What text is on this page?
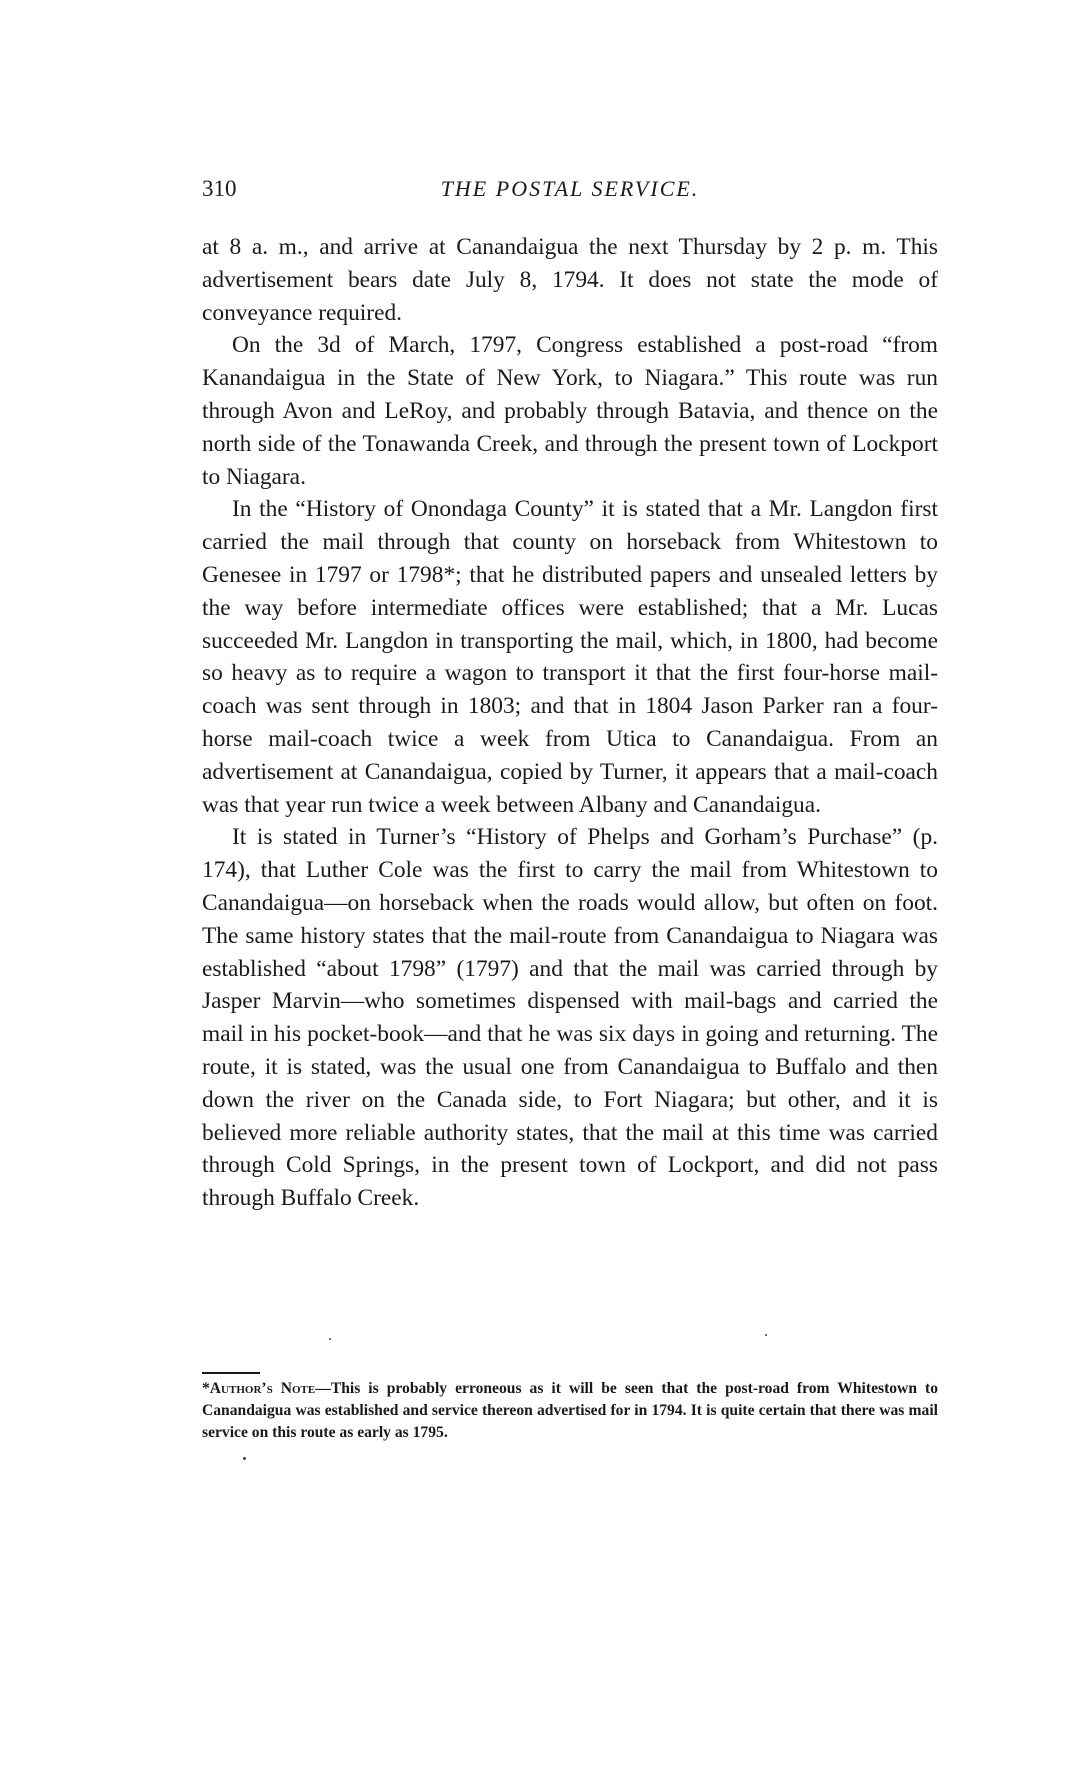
310	THE POSTAL SERVICE.

at 8 a. m., and arrive at Canandaigua the next Thursday by 2 p. m. This advertisement bears date July 8, 1794. It does not state the mode of conveyance required.

On the 3d of March, 1797, Congress established a post-road “from Kanandaigua in the State of New York, to Niagara.” This route was run through Avon and LeRoy, and probably through Batavia, and thence on the north side of the Tonawanda Creek, and through the present town of Lockport to Niagara.

In the “History of Onondaga County” it is stated that a Mr. Langdon first carried the mail through that county on horseback from Whitestown to Genesee in 1797 or 1798*; that he distributed papers and unsealed letters by the way before intermediate offices were established; that a Mr. Lucas succeeded Mr. Langdon in transporting the mail, which, in 1800, had become so heavy as to require a wagon to transport it that the first four-horse mail-coach was sent through in 1803; and that in 1804 Jason Parker ran a four-horse mail-coach twice a week from Utica to Canandaigua. From an advertisement at Canandaigua, copied by Turner, it appears that a mail-coach was that year run twice a week between Albany and Canandaigua.

It is stated in Turner’s “History of Phelps and Gorham’s Purchase” (p. 174), that Luther Cole was the first to carry the mail from Whitestown to Canandaigua—on horseback when the roads would allow, but often on foot. The same history states that the mail-route from Canandaigua to Niagara was established “about 1798” (1797) and that the mail was carried through by Jasper Marvin—who sometimes dispensed with mail-bags and carried the mail in his pocket-book—and that he was six days in going and returning. The route, it is stated, was the usual one from Canandaigua to Buffalo and then down the river on the Canada side, to Fort Niagara; but other, and it is believed more reliable authority states, that the mail at this time was carried through Cold Springs, in the present town of Lockport, and did not pass through Buffalo Creek.

*Author’s Note—This is probably erroneous as it will be seen that the post-road from Whitestown to Canandaigua was established and service thereon advertised for in 1794. It is quite certain that there was mail service on this route as early as 1795.
